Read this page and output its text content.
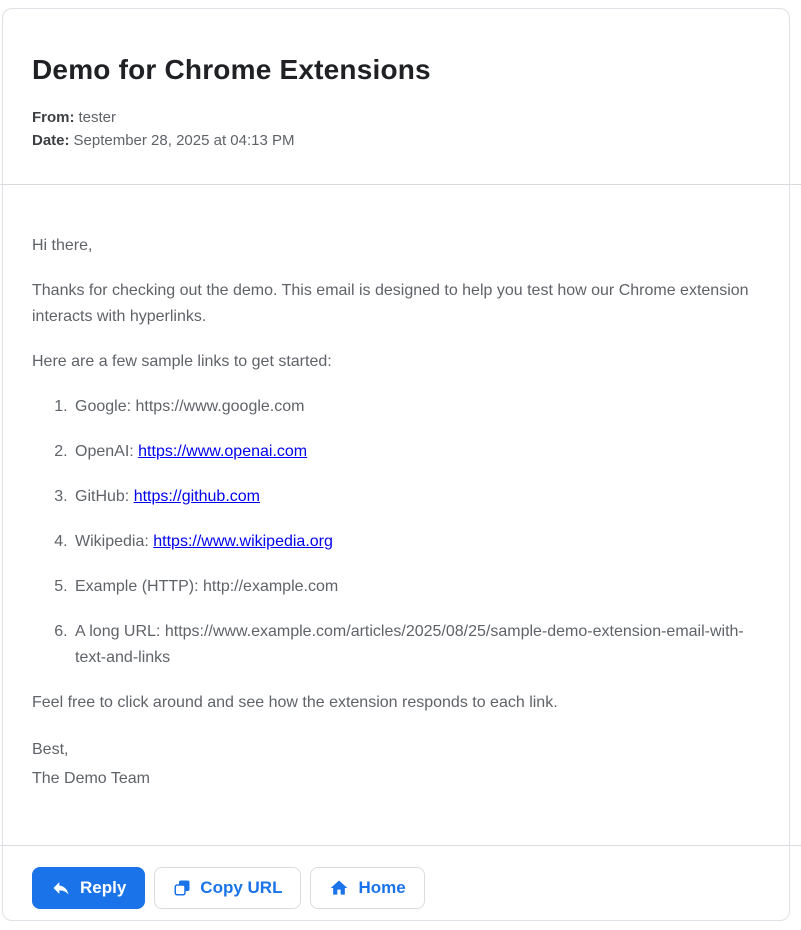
Demo for Chrome Extensions
From: tester
Date: September 28, 2025 at 04:13 PM

Hi there,

Thanks for checking out the demo. This email is designed to help you test how our Chrome extension interacts with hyperlinks.

Here are a few sample links to get started:

1. Google: https://www.google.com
2. OpenAI: https://www.openai.com
3. GitHub: https://github.com
4. Wikipedia: https://www.wikipedia.org
5. Example (HTTP): http://example.com
6. A long URL: https://www.example.com/articles/2025/08/25/sample-demo-extension-email-with-text-and-links

Feel free to click around and see how the extension responds to each link.

Best,
The Demo Team

Reply	Copy URL	Home
